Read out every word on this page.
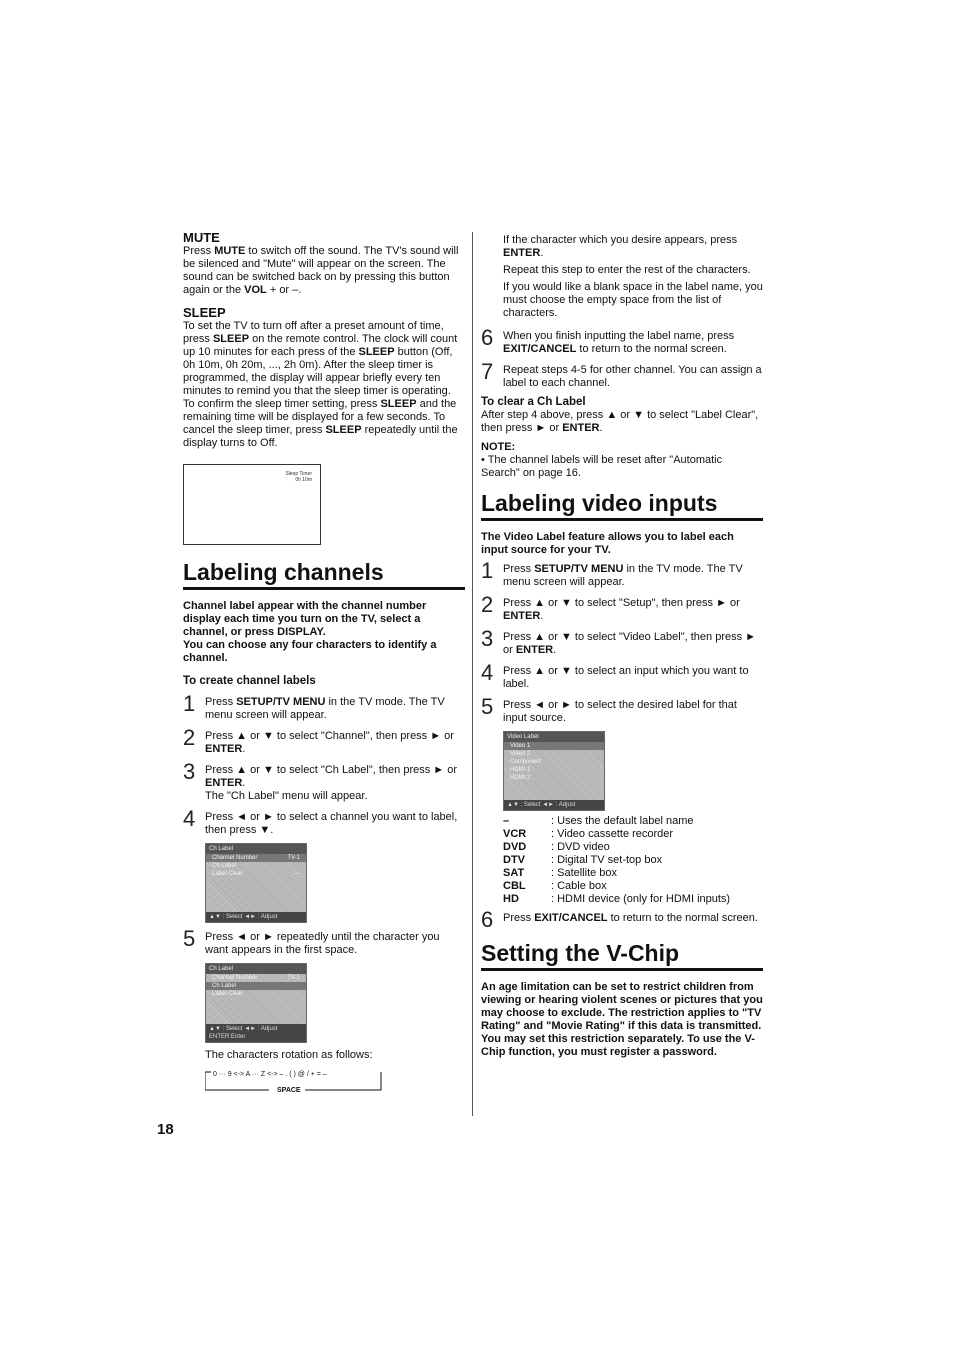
MUTE

Press MUTE to switch off the sound. The TV's sound will be silenced and "Mute" will appear on the screen. The sound can be switched back on by pressing this button again or the VOL + or –.

SLEEP

To set the TV to turn off after a preset amount of time, press SLEEP on the remote control. The clock will count up 10 minutes for each press of the SLEEP button (Off, 0h 10m, 0h 20m, ..., 2h 0m). After the sleep timer is programmed, the display will appear briefly every ten minutes to remind you that the sleep timer is operating. To confirm the sleep timer setting, press SLEEP and the remaining time will be displayed for a few seconds. To cancel the sleep timer, press SLEEP repeatedly until the display turns to Off.

Sleep Timer
0h 10m
Labeling channels

Channel label appear with the channel number display each time you turn on the TV, select a channel, or press DISPLAY.
You can choose any four characters to identify a channel.

To create channel labels
1 Press SETUP/TV MENU in the TV mode. The TV menu screen will appear.
2 Press ▲ or ▼ to select "Channel", then press ► or ENTER.
3 Press ▲ or ▼ to select "Ch Label", then press ► or ENTER.
The "Ch Label" menu will appear.
4 Press ◄ or ► to select a channel you want to label, then press ▼.
Ch Label
Channel Number	TV-1
Ch Label
Label Clear	---
▲▼ : Select ◄► : Adjust
5 Press ◄ or ► repeatedly until the character you want appears in the first space.
Ch Label
Channel Number	TV-1
Ch Label
Label Clear
▲▼ : Select ◄► : Adjust ENTER:Enter
The characters rotation as follows:
0 ··· 9 <-> A ··· Z <-> – . ( ) @ / + = –
SPACE
If the character which you desire appears, press
ENTER.
Repeat this step to enter the rest of the characters.
If you would like a blank space in the label name, you must choose the empty space from the list of characters.
6 When you finish inputting the label name, press EXIT/CANCEL to return to the normal screen.
7 Repeat steps 4-5 for other channel. You can assign a label to each channel.
To clear a Ch Label
After step 4 above, press ▲ or ▼ to select "Label Clear", then press ► or ENTER.
NOTE:
• The channel labels will be reset after "Automatic Search" on page 16.
Labeling video inputs

The Video Label feature allows you to label each input source for your TV.

1 Press SETUP/TV MENU in the TV mode. The TV menu screen will appear.
2 Press ▲ or ▼ to select "Setup", then press ► or ENTER.
3 Press ▲ or ▼ to select "Video Label", then press ► or ENTER.
4 Press ▲ or ▼ to select an input which you want to label.
5 Press ◄ or ► to select the desired label for that input source.
Video Label
Video 1
Video 2
Component
HDMI 1
HDMI 2
▲▼ : Select ◄► : Adjust
–	: Uses the default label name
VCR	: Video cassette recorder
DVD	: DVD video
DTV	: Digital TV set-top box
SAT	: Satellite box
CBL	: Cable box
HD	: HDMI device (only for HDMI inputs)
6 Press EXIT/CANCEL to return to the normal screen.
Setting the V-Chip

An age limitation can be set to restrict children from viewing or hearing violent scenes or pictures that you may choose to exclude. The restriction applies to "TV Rating" and "Movie Rating" if this data is transmitted. You may set this restriction separately. To use the V-Chip function, you must register a password.

18
